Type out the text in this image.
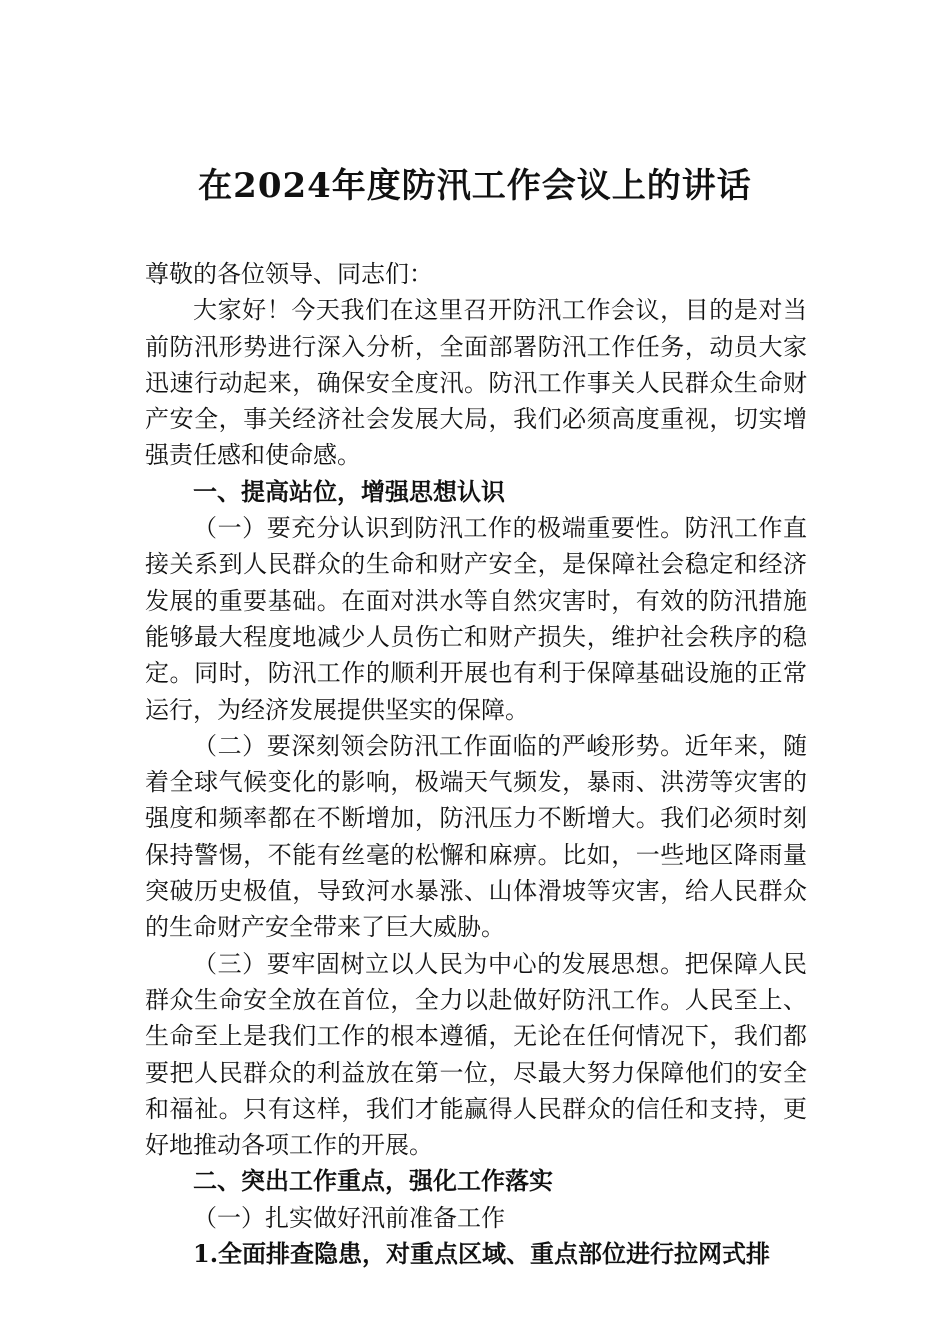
在2024年度防汛工作会议上的讲话

尊敬的各位领导、同志们：

大家好！今天我们在这里召开防汛工作会议，目的是对当前防汛形势进行深入分析，全面部署防汛工作任务，动员大家迅速行动起来，确保安全度汛。防汛工作事关人民群众生命财产安全，事关经济社会发展大局，我们必须高度重视，切实增强责任感和使命感。

一、提高站位，增强思想认识

（一）要充分认识到防汛工作的极端重要性。防汛工作直接关系到人民群众的生命和财产安全，是保障社会稳定和经济发展的重要基础。在面对洪水等自然灾害时，有效的防汛措施能够最大程度地减少人员伤亡和财产损失，维护社会秩序的稳定。同时，防汛工作的顺利开展也有利于保障基础设施的正常运行，为经济发展提供坚实的保障。

（二）要深刻领会防汛工作面临的严峻形势。近年来，随着全球气候变化的影响，极端天气频发，暴雨、洪涝等灾害的强度和频率都在不断增加，防汛压力不断增大。我们必须时刻保持警惕，不能有丝毫的松懈和麻痹。比如，一些地区降雨量突破历史极值，导致河水暴涨、山体滑坡等灾害，给人民群众的生命财产安全带来了巨大威胁。

（三）要牢固树立以人民为中心的发展思想。把保障人民群众生命安全放在首位，全力以赴做好防汛工作。人民至上、生命至上是我们工作的根本遵循，无论在任何情况下，我们都要把人民群众的利益放在第一位，尽最大努力保障他们的安全和福祉。只有这样，我们才能赢得人民群众的信任和支持，更好地推动各项工作的开展。

二、突出工作重点，强化工作落实

（一）扎实做好汛前准备工作

1.全面排查隐患，对重点区域、重点部位进行拉网式排
